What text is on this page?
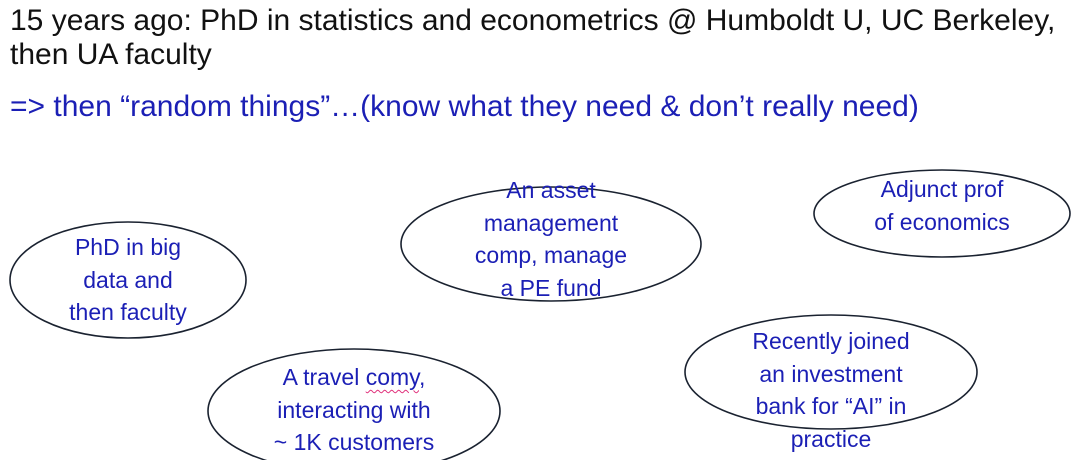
15 years ago: PhD in statistics and econometrics @ Humboldt U, UC Berkeley, then UA faculty
=> then “random things”…(know what they need & don’t really need)
PhD in big
data and
then faculty
An asset
management
comp, manage
a PE fund
Adjunct prof
of economics
A travel comy,
interacting with
~ 1K customers
Recently joined
an investment
bank for “AI” in
practice
